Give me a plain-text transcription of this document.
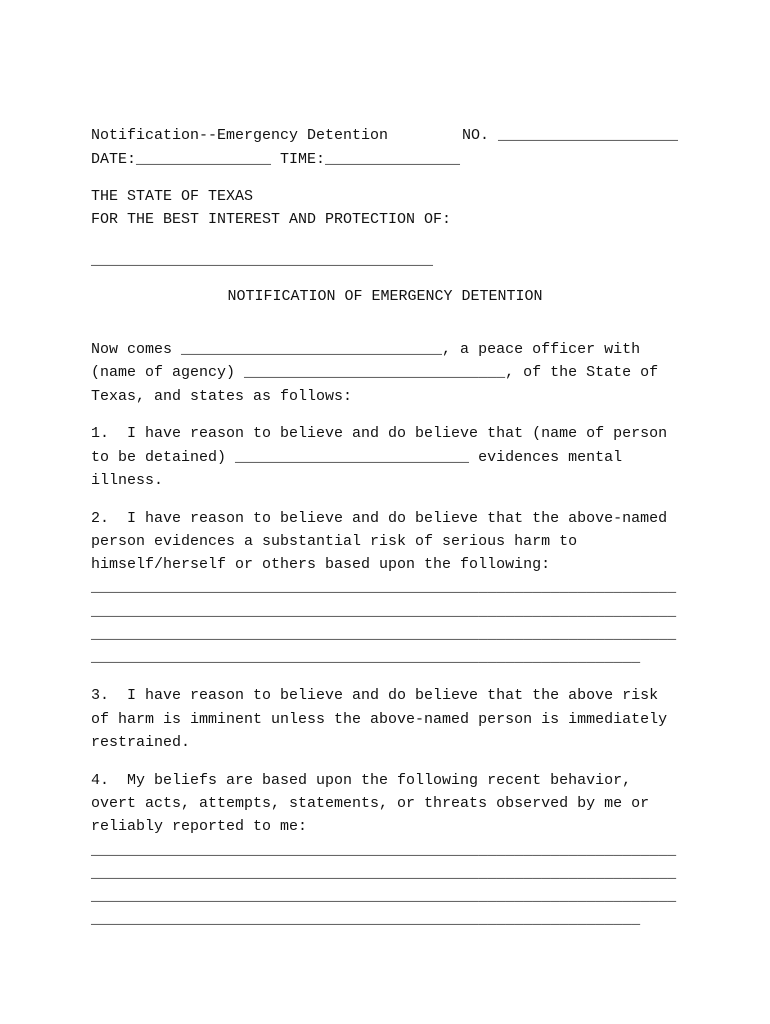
Notification--Emergency Detention	NO. ____________________
DATE:_______________ TIME:_______________
THE STATE OF TEXAS
FOR THE BEST INTEREST AND PROTECTION OF:
______________________________________
NOTIFICATION OF EMERGENCY DETENTION
Now comes _____________________________, a peace officer with
(name of agency) _____________________________, of the State of
Texas, and states as follows:
1.  I have reason to believe and do believe that (name of person
to be detained) __________________________ evidences mental
illness.
2.  I have reason to believe and do believe that the above-named
person evidences a substantial risk of serious harm to
himself/herself or others based upon the following:
_________________________________________________________________
_________________________________________________________________
_________________________________________________________________
_____________________________________________________________
3.  I have reason to believe and do believe that the above risk
of harm is imminent unless the above-named person is immediately
restrained.
4.  My beliefs are based upon the following recent behavior,
overt acts, attempts, statements, or threats observed by me or
reliably reported to me:
_________________________________________________________________
_________________________________________________________________
_________________________________________________________________
_____________________________________________________________
